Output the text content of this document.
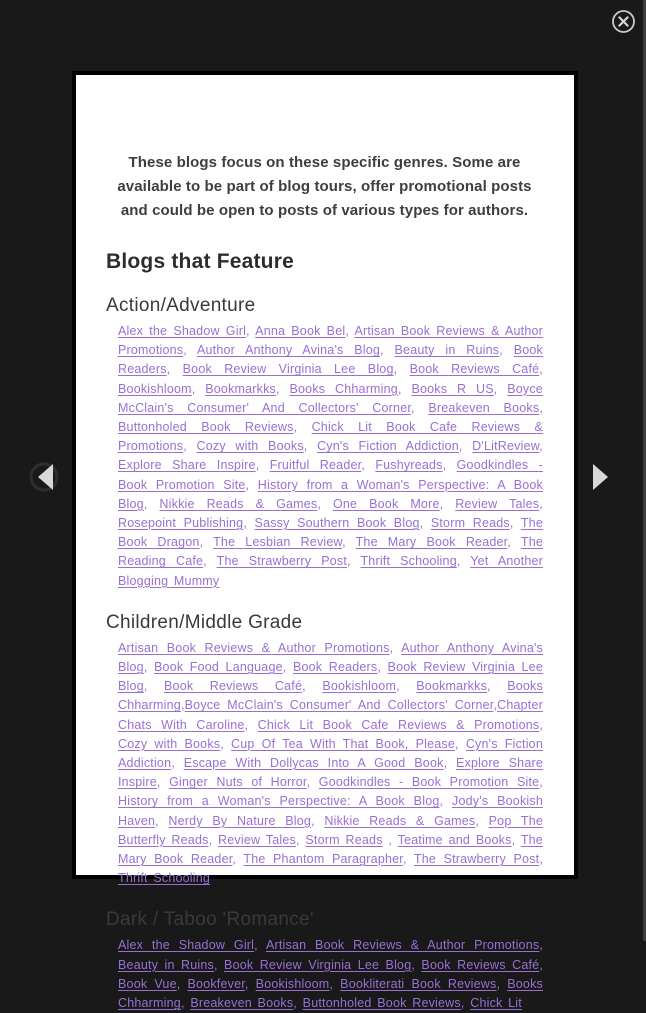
These blogs focus on these specific genres. Some are available to be part of blog tours, offer promotional posts and could be open to posts of various types for authors.

Blogs that Feature
Action/Adventure

Alex the Shadow Girl, Anna Book Bel, Artisan Book Reviews & Author Promotions, Author Anthony Avina's Blog, Beauty in Ruins, Book Readers, Book Review Virginia Lee Blog, Book Reviews Café, Bookishloom, Bookmarkks, Books Chharming, Books R US, Boyce McClain's Consumer' And Collectors' Corner, Breakeven Books, Buttonholed Book Reviews, Chick Lit Book Cafe Reviews & Promotions, Cozy with Books, Cyn's Fiction Addiction, D'LitReview, Explore Share Inspire, Fruitful Reader, Fushyreads, Goodkindles - Book Promotion Site, History from a Woman's Perspective: A Book Blog, Nikkie Reads & Games, One Book More, Review Tales, Rosepoint Publishing, Sassy Southern Book Blog, Storm Reads, The Book Dragon, The Lesbian Review, The Mary Book Reader, The Reading Cafe, The Strawberry Post, Thrift Schooling, Yet Another Blogging Mummy

Children/Middle Grade

Artisan Book Reviews & Author Promotions, Author Anthony Avina's Blog, Book Food Language, Book Readers, Book Review Virginia Lee Blog, Book Reviews Café, Bookishloom, Bookmarkks, Books Chharming,Boyce McClain's Consumer' And Collectors' Corner,Chapter Chats With Caroline, Chick Lit Book Cafe Reviews & Promotions, Cozy with Books, Cup Of Tea With That Book, Please, Cyn's Fiction Addiction, Escape With Dollycas Into A Good Book, Explore Share Inspire, Ginger Nuts of Horror, Goodkindles - Book Promotion Site, History from a Woman's Perspective: A Book Blog, Jody's Bookish Haven, Nerdy By Nature Blog, Nikkie Reads & Games, Pop The Butterfly Reads, Review Tales, Storm Reads , Teatime and Books, The Mary Book Reader, The Phantom Paragrapher, The Strawberry Post, Thrift Schooling

Dark / Taboo 'Romance'

Alex the Shadow Girl, Artisan Book Reviews & Author Promotions, Beauty in Ruins, Book Review Virginia Lee Blog, Book Reviews Café, Book Vue, Bookfever, Bookishloom, Bookliterati Book Reviews, Books Chharming, Breakeven Books, Buttonholed Book Reviews, Chick Lit
